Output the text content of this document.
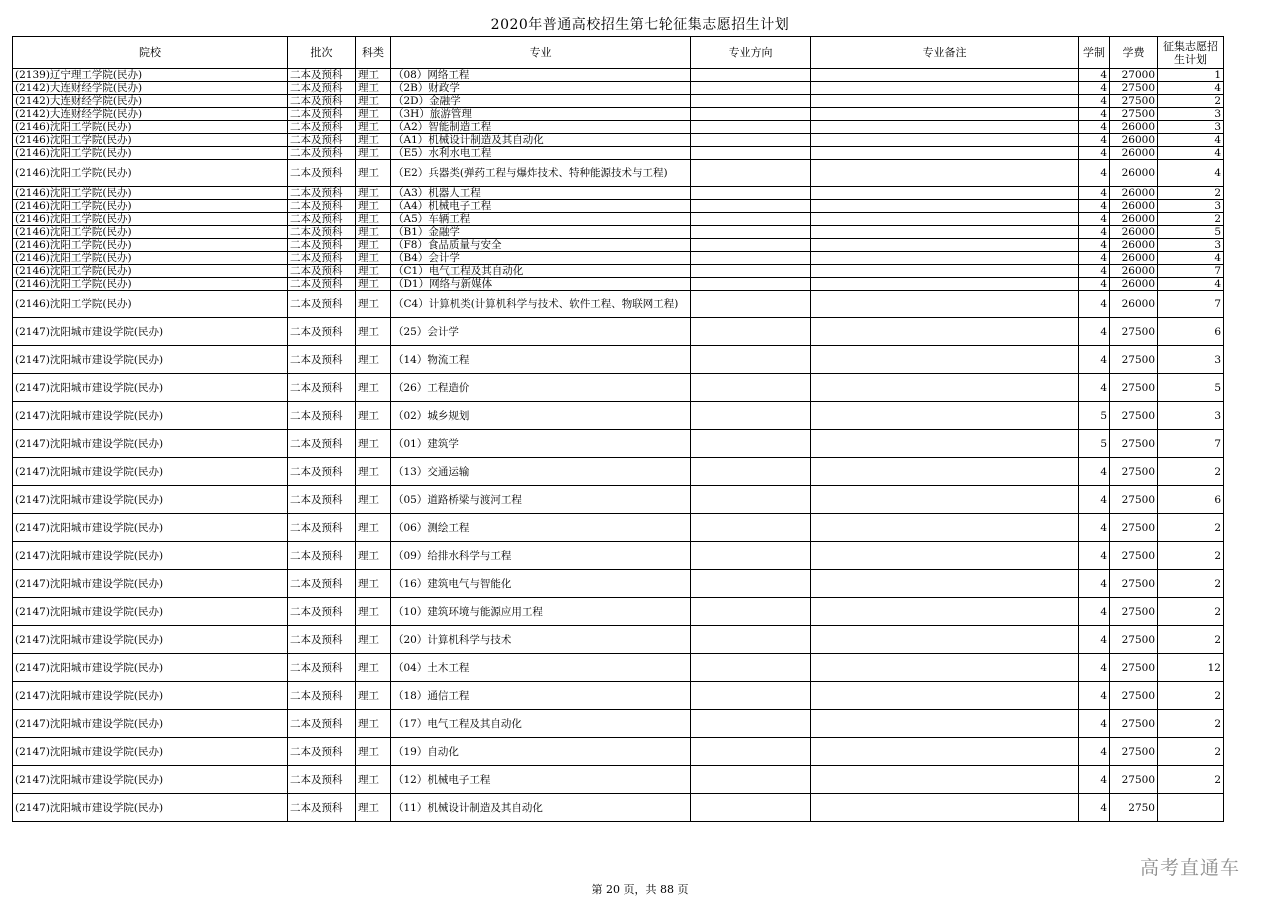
2020年普通高校招生第七轮征集志愿招生计划
院校	批次	科类	专业	专业方向	专业备注	学制	学费	征集志愿招生计划
(2139)辽宁理工学院(民办)	二本及预科	理工	（08）网络工程			4	27000	1
(2142)大连财经学院(民办)	二本及预科	理工	（2B）财政学			4	27500	4
(2142)大连财经学院(民办)	二本及预科	理工	（2D）金融学			4	27500	2
(2142)大连财经学院(民办)	二本及预科	理工	（3H）旅游管理			4	27500	3
(2146)沈阳工学院(民办)	二本及预科	理工	（A2）智能制造工程			4	26000	3
(2146)沈阳工学院(民办)	二本及预科	理工	（A1）机械设计制造及其自动化			4	26000	4
(2146)沈阳工学院(民办)	二本及预科	理工	（E5）水利水电工程			4	26000	4
(2146)沈阳工学院(民办)	二本及预科	理工	（E2）兵器类(弹药工程与爆炸技术、特种能源技术与工程)			4	26000	4
(2146)沈阳工学院(民办)	二本及预科	理工	（A3）机器人工程			4	26000	2
(2146)沈阳工学院(民办)	二本及预科	理工	（A4）机械电子工程			4	26000	3
(2146)沈阳工学院(民办)	二本及预科	理工	（A5）车辆工程			4	26000	2
(2146)沈阳工学院(民办)	二本及预科	理工	（B1）金融学			4	26000	5
(2146)沈阳工学院(民办)	二本及预科	理工	（F8）食品质量与安全			4	26000	3
(2146)沈阳工学院(民办)	二本及预科	理工	（B4）会计学			4	26000	4
(2146)沈阳工学院(民办)	二本及预科	理工	（C1）电气工程及其自动化			4	26000	7
(2146)沈阳工学院(民办)	二本及预科	理工	（D1）网络与新媒体			4	26000	4
(2146)沈阳工学院(民办)	二本及预科	理工	（C4）计算机类(计算机科学与技术、软件工程、物联网工程)			4	26000	7
(2147)沈阳城市建设学院(民办)	二本及预科	理工	（25）会计学			4	27500	6
(2147)沈阳城市建设学院(民办)	二本及预科	理工	（14）物流工程			4	27500	3
(2147)沈阳城市建设学院(民办)	二本及预科	理工	（26）工程造价			4	27500	5
(2147)沈阳城市建设学院(民办)	二本及预科	理工	（02）城乡规划			5	27500	3
(2147)沈阳城市建设学院(民办)	二本及预科	理工	（01）建筑学			5	27500	7
(2147)沈阳城市建设学院(民办)	二本及预科	理工	（13）交通运输			4	27500	2
(2147)沈阳城市建设学院(民办)	二本及预科	理工	（05）道路桥梁与渡河工程			4	27500	6
(2147)沈阳城市建设学院(民办)	二本及预科	理工	（06）测绘工程			4	27500	2
(2147)沈阳城市建设学院(民办)	二本及预科	理工	（09）给排水科学与工程			4	27500	2
(2147)沈阳城市建设学院(民办)	二本及预科	理工	（16）建筑电气与智能化			4	27500	2
(2147)沈阳城市建设学院(民办)	二本及预科	理工	（10）建筑环境与能源应用工程			4	27500	2
(2147)沈阳城市建设学院(民办)	二本及预科	理工	（20）计算机科学与技术			4	27500	2
(2147)沈阳城市建设学院(民办)	二本及预科	理工	（04）土木工程			4	27500	12
(2147)沈阳城市建设学院(民办)	二本及预科	理工	（18）通信工程			4	27500	2
(2147)沈阳城市建设学院(民办)	二本及预科	理工	（17）电气工程及其自动化			4	27500	2
(2147)沈阳城市建设学院(民办)	二本及预科	理工	（19）自动化			4	27500	2
(2147)沈阳城市建设学院(民办)	二本及预科	理工	（12）机械电子工程			4	27500	2
(2147)沈阳城市建设学院(民办)	二本及预科	理工	（11）机械设计制造及其自动化			4	2750	
第 20 页，共 88 页
高考直通车
